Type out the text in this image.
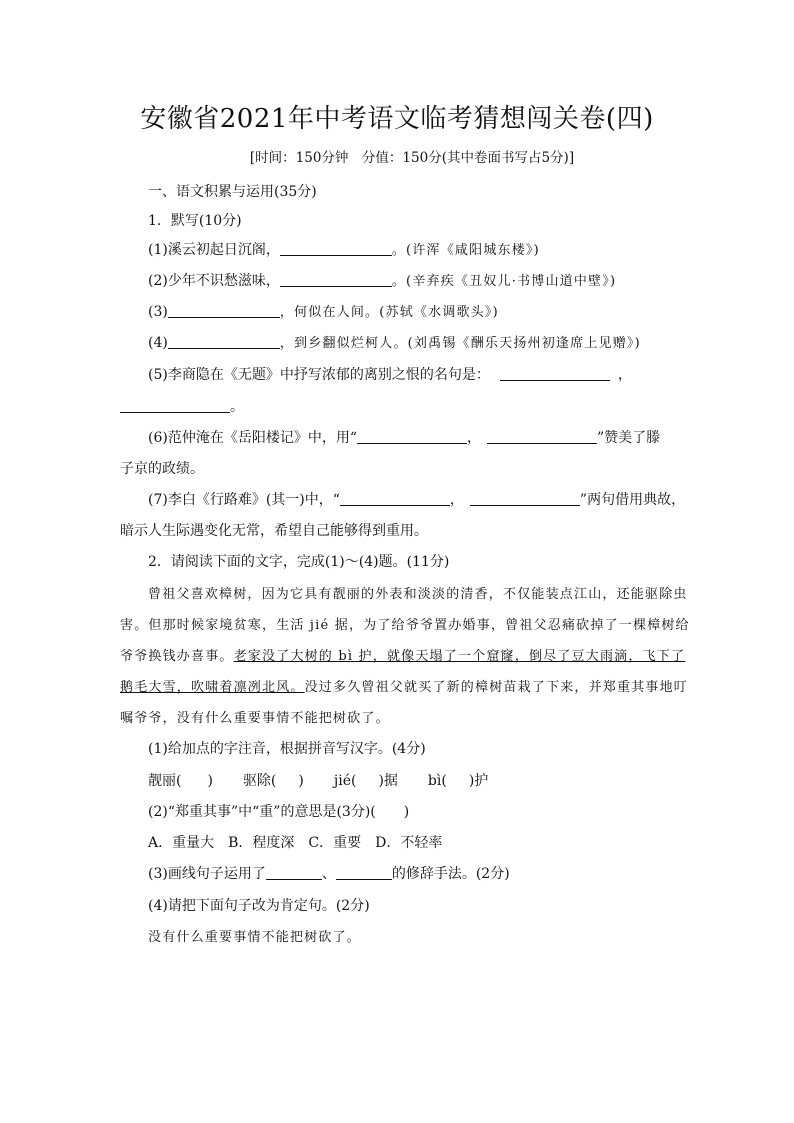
安徽省2021年中考语文临考猜想闯关卷(四)
[时间：150分钟　分值：150分(其中卷面书写占5分)]
一、语文积累与运用(35分)
1．默写(10分)
(1)溪云初起日沉阁，	。(许浑《咸阳城东楼》)
(2)少年不识愁滋味，	。(辛弃疾《丑奴儿·书博山道中壁》)
(3)	，何似在人间。(苏轼《水调歌头》)
(4)	，到乡翻似烂柯人。(刘禹锡《酬乐天扬州初逢席上见赠》)
(5)李商隐在《无题》中抒写浓郁的离别之恨的名句是：	，
。
(6)范仲淹在《岳阳楼记》中，用“	，	”赞美了滕
子京的政绩。
(7)李白《行路难》(其一)中，“	，	”两句借用典故，
暗示人生际遇变化无常，希望自己能够得到重用。
2．请阅读下面的文字，完成(1)～(4)题。(11分)
曾祖父喜欢樟树，因为它具有靓丽的外表和淡淡的清香，不仅能装点江山，还能驱除虫
害。但那时候家境贫寒，生活 jié 据，为了给爷爷置办婚事，曾祖父忍痛砍掉了一棵樟树给
爷爷换钱办喜事。老家没了大树的 bì 护，就像天塌了一个窟窿，倒尽了豆大雨滴，飞下了
鹅毛大雪，吹啸着凛冽北风。没过多久曾祖父就买了新的樟树苗栽了下来，并郑重其事地叮
嘱爷爷，没有什么重要事情不能把树砍了。
(1)给加点的字注音，根据拼音写汉字。(4分)
靓丽( ) 驱除( ) jié( )据 bì( )护
(2)“郑重其事”中“重”的意思是(3分)(　　)
A．重量大　B．程度深　C．重要　D．不轻率
(3)画线句子运用了	、	的修辞手法。(2分)
(4)请把下面句子改为肯定句。(2分)
没有什么重要事情不能把树砍了。
